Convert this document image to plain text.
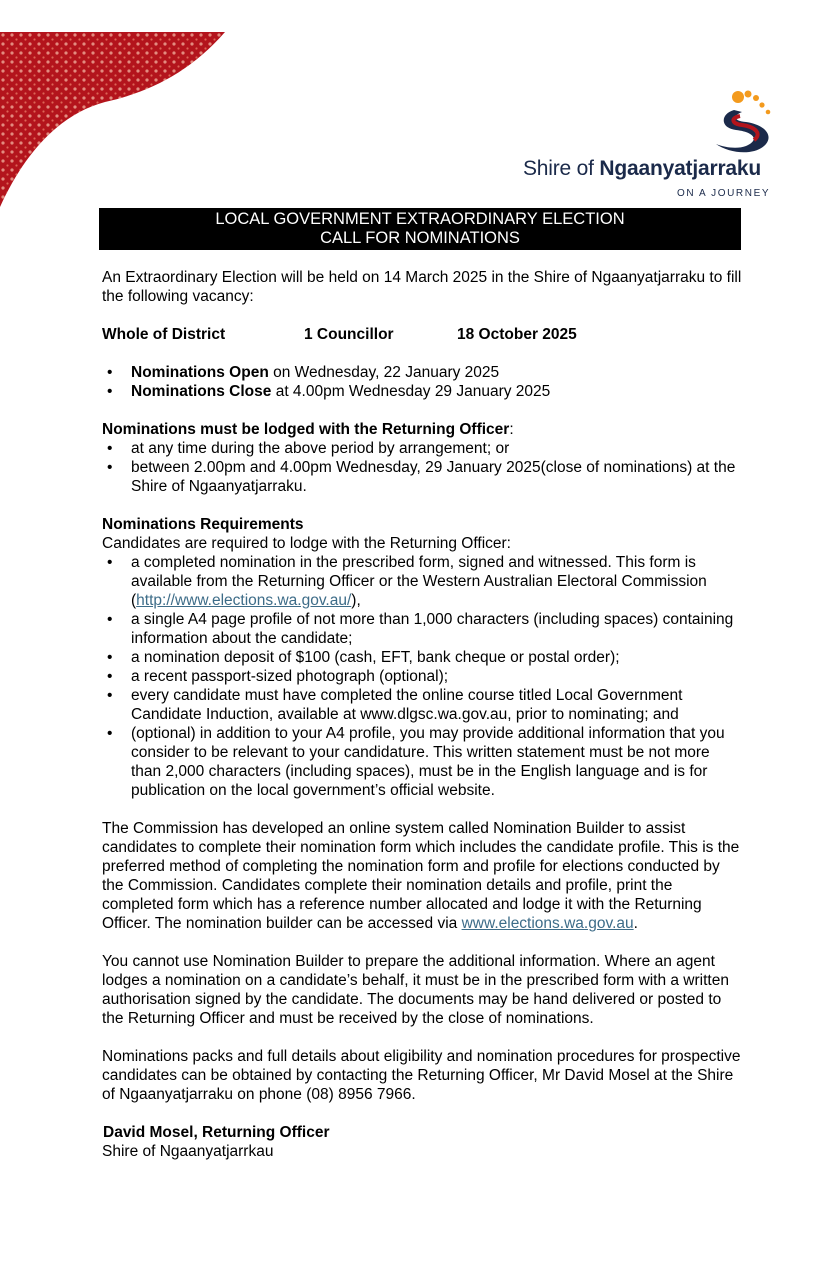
Shire of Ngaanyatjarraku
ON A JOURNEY
LOCAL GOVERNMENT EXTRAORDINARY ELECTION
CALL FOR NOMINATIONS

An Extraordinary Election will be held on 14 March 2025 in the Shire of Ngaanyatjarraku to fill the following vacancy:

Whole of District	1 Councillor	18 October 2025
• Nominations Open on Wednesday, 22 January 2025
• Nominations Close at 4.00pm Wednesday 29 January 2025

Nominations must be lodged with the Returning Officer:

• at any time during the above period by arrangement; or
• between 2.00pm and 4.00pm Wednesday, 29 January 2025(close of nominations) at the Shire of Ngaanyatjarraku.

Nominations Requirements

Candidates are required to lodge with the Returning Officer:

• a completed nomination in the prescribed form, signed and witnessed. This form is available from the Returning Officer or the Western Australian Electoral Commission (http://www.elections.wa.gov.au/),
• a single A4 page profile of not more than 1,000 characters (including spaces) containing information about the candidate;
• a nomination deposit of $100 (cash, EFT, bank cheque or postal order);
• a recent passport-sized photograph (optional);
• every candidate must have completed the online course titled Local Government Candidate Induction, available at www.dlgsc.wa.gov.au, prior to nominating; and
• (optional) in addition to your A4 profile, you may provide additional information that you consider to be relevant to your candidature. This written statement must be not more than 2,000 characters (including spaces), must be in the English language and is for publication on the local government’s official website.

The Commission has developed an online system called Nomination Builder to assist candidates to complete their nomination form which includes the candidate profile. This is the preferred method of completing the nomination form and profile for elections conducted by the Commission. Candidates complete their nomination details and profile, print the completed form which has a reference number allocated and lodge it with the Returning Officer. The nomination builder can be accessed via www.elections.wa.gov.au.

You cannot use Nomination Builder to prepare the additional information. Where an agent lodges a nomination on a candidate’s behalf, it must be in the prescribed form with a written authorisation signed by the candidate. The documents may be hand delivered or posted to the Returning Officer and must be received by the close of nominations.

Nominations packs and full details about eligibility and nomination procedures for prospective candidates can be obtained by contacting the Returning Officer, Mr David Mosel at the Shire of Ngaanyatjarraku on phone (08) 8956 7966.

David Mosel, Returning Officer

Shire of Ngaanyatjarrkau
